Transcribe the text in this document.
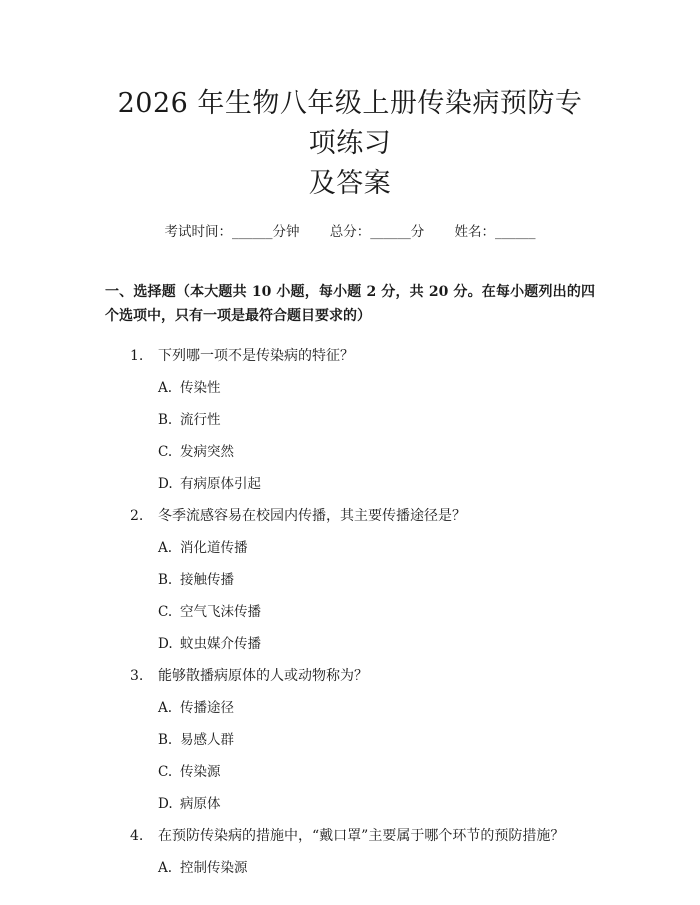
2026 年生物八年级上册传染病预防专项练习
及答案
考试时间：______分钟 总分：______分 姓名：______
一、选择题（本大题共 10 小题，每小题 2 分，共 20 分。在每小题列出的四个选项中，只有一项是最符合题目要求的）
1.	下列哪一项不是传染病的特征？
A. 传染性
B. 流行性
C. 发病突然
D. 有病原体引起
2.	冬季流感容易在校园内传播，其主要传播途径是？
A. 消化道传播
B. 接触传播
C. 空气飞沫传播
D. 蚊虫媒介传播
3.	能够散播病原体的人或动物称为？
A. 传播途径
B. 易感人群
C. 传染源
D. 病原体
4.	在预防传染病的措施中，“戴口罩”主要属于哪个环节的预防措施？
A. 控制传染源
